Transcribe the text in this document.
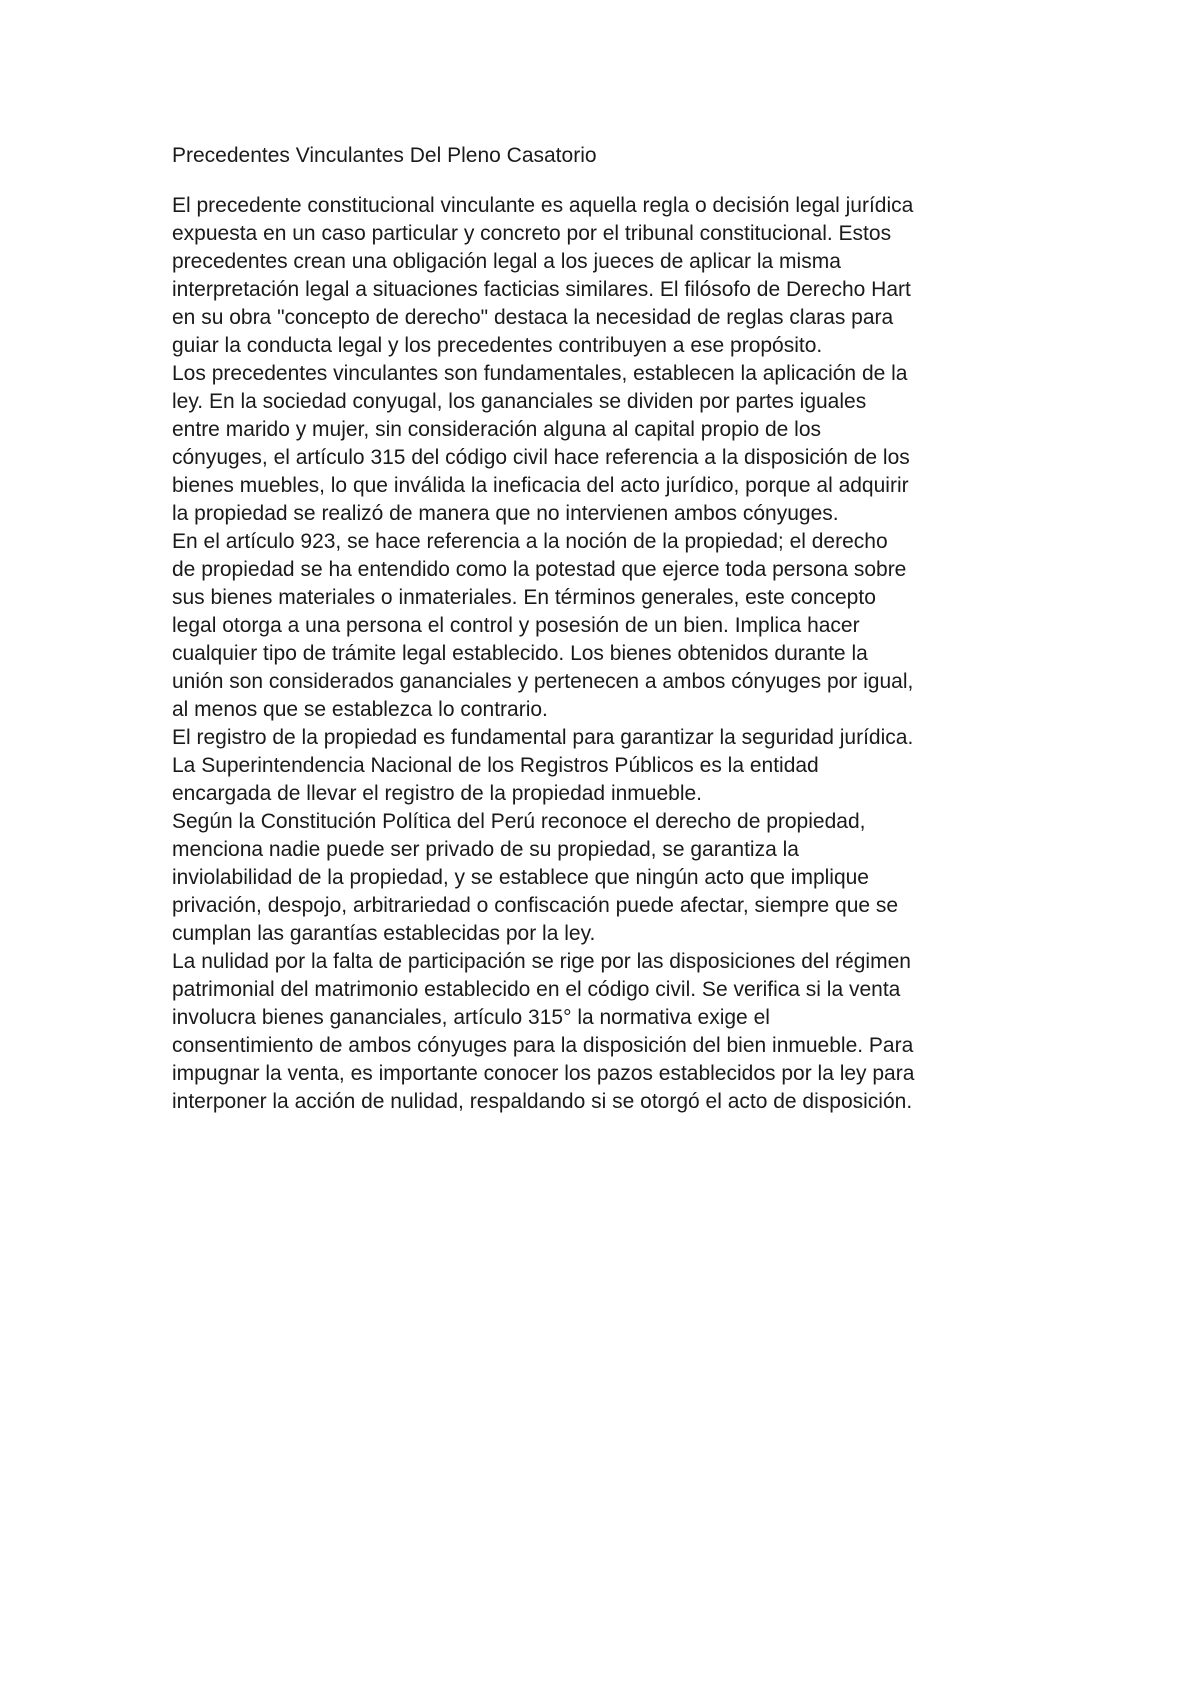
Precedentes Vinculantes Del Pleno Casatorio

El precedente constitucional vinculante es aquella regla o decisión legal jurídica
expuesta en un caso particular y concreto por el tribunal constitucional. Estos
precedentes crean una obligación legal a los jueces de aplicar la misma
interpretación legal a situaciones facticias similares. El filósofo de Derecho Hart
en su obra "concepto de derecho" destaca la necesidad de reglas claras para
guiar la conducta legal y los precedentes contribuyen a ese propósito.

Los precedentes vinculantes son fundamentales, establecen la aplicación de la
ley. En la sociedad conyugal, los gananciales se dividen por partes iguales
entre marido y mujer, sin consideración alguna al capital propio de los
cónyuges, el artículo 315 del código civil hace referencia a la disposición de los
bienes muebles, lo que inválida la ineficacia del acto jurídico, porque al adquirir
la propiedad se realizó de manera que no intervienen ambos cónyuges.

En el artículo 923, se hace referencia a la noción de la propiedad; el derecho
de propiedad se ha entendido como la potestad que ejerce toda persona sobre
sus bienes materiales o inmateriales. En términos generales, este concepto
legal otorga a una persona el control y posesión de un bien. Implica hacer
cualquier tipo de trámite legal establecido. Los bienes obtenidos durante la
unión son considerados gananciales y pertenecen a ambos cónyuges por igual,
al menos que se establezca lo contrario.

El registro de la propiedad es fundamental para garantizar la seguridad jurídica.
La Superintendencia Nacional de los Registros Públicos es la entidad
encargada de llevar el registro de la propiedad inmueble.

Según la Constitución Política del Perú reconoce el derecho de propiedad,
menciona nadie puede ser privado de su propiedad, se garantiza la
inviolabilidad de la propiedad, y se establece que ningún acto que implique
privación, despojo, arbitrariedad o confiscación puede afectar, siempre que se
cumplan las garantías establecidas por la ley.

La nulidad por la falta de participación se rige por las disposiciones del régimen
patrimonial del matrimonio establecido en el código civil. Se verifica si la venta
involucra bienes gananciales, artículo 315° la normativa exige el
consentimiento de ambos cónyuges para la disposición del bien inmueble. Para
impugnar la venta, es importante conocer los pazos establecidos por la ley para
interponer la acción de nulidad, respaldando si se otorgó el acto de disposición.
